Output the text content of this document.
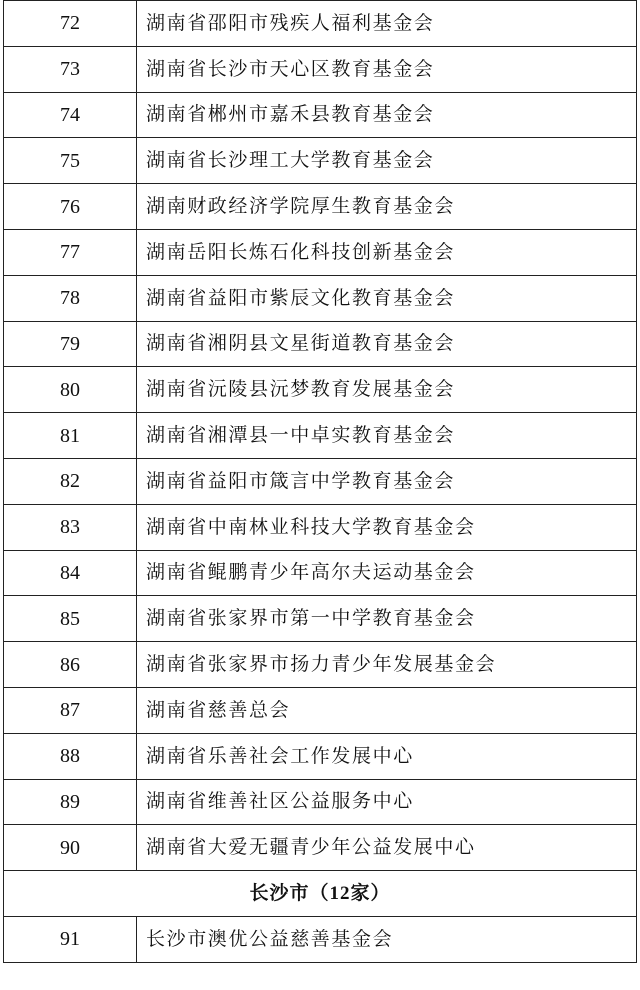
72	湖南省邵阳市残疾人福利基金会
73	湖南省长沙市天心区教育基金会
74	湖南省郴州市嘉禾县教育基金会
75	湖南省长沙理工大学教育基金会
76	湖南财政经济学院厚生教育基金会
77	湖南岳阳长炼石化科技创新基金会
78	湖南省益阳市紫辰文化教育基金会
79	湖南省湘阴县文星街道教育基金会
80	湖南省沅陵县沅梦教育发展基金会
81	湖南省湘潭县一中卓实教育基金会
82	湖南省益阳市箴言中学教育基金会
83	湖南省中南林业科技大学教育基金会
84	湖南省鲲鹏青少年高尔夫运动基金会
85	湖南省张家界市第一中学教育基金会
86	湖南省张家界市扬力青少年发展基金会
87	湖南省慈善总会
88	湖南省乐善社会工作发展中心
89	湖南省维善社区公益服务中心
90	湖南省大爱无疆青少年公益发展中心
长沙市（12家）	
91	长沙市澳优公益慈善基金会
